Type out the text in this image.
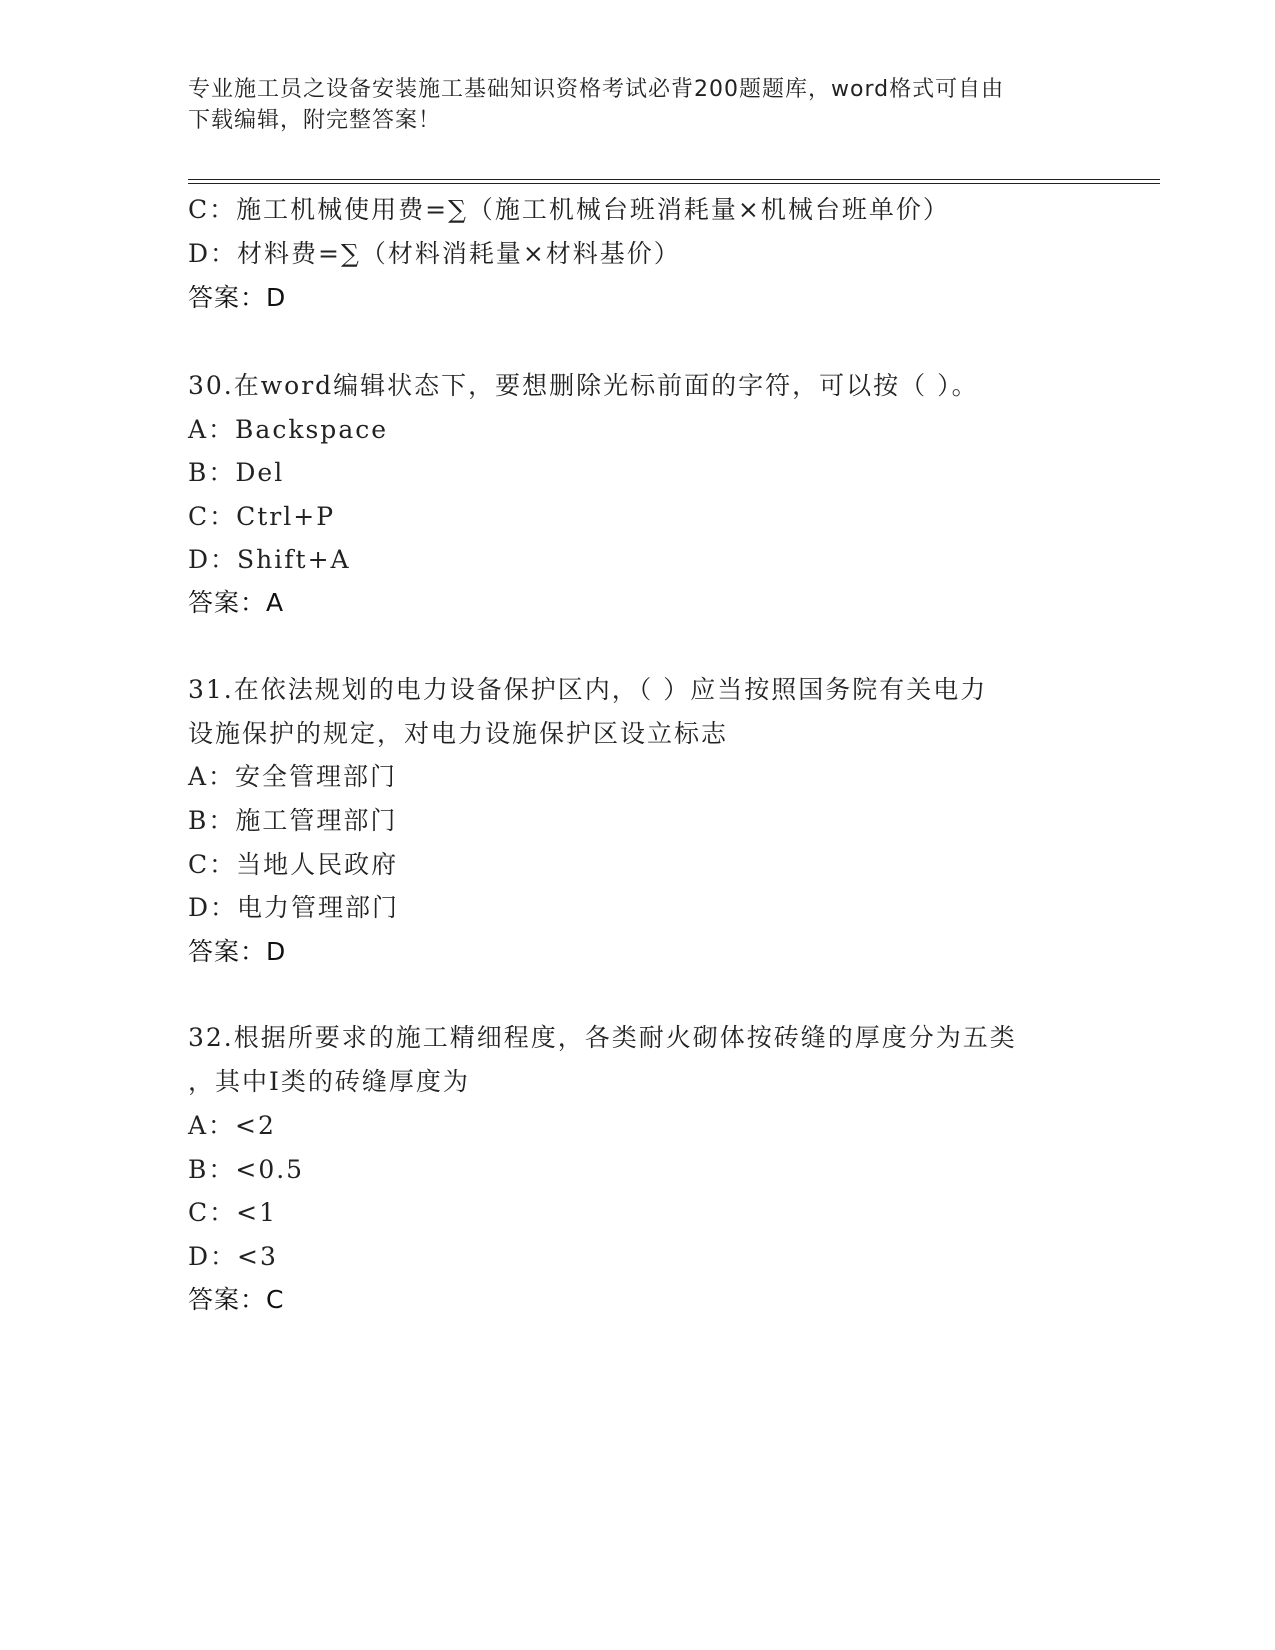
专业施工员之设备安装施工基础知识资格考试必背200题题库，word格式可自由
下载编辑，附完整答案！
C：施工机械使用费=∑（施工机械台班消耗量×机械台班单价）
D：材料费=∑（材料消耗量×材料基价）
答案：D
30.在word编辑状态下，要想删除光标前面的字符，可以按（ ）。
A：Backspace
B：Del
C：Ctrl+P
D：Shift+A
答案：A
31.在依法规划的电力设备保护区内，（ ）应当按照国务院有关电力
设施保护的规定，对电力设施保护区设立标志
A：安全管理部门
B：施工管理部门
C：当地人民政府
D：电力管理部门
答案：D
32.根据所要求的施工精细程度，各类耐火砌体按砖缝的厚度分为五类
，其中Ⅰ类的砖缝厚度为
A：<2
B：<0.5
C：<1
D：<3
答案：C
